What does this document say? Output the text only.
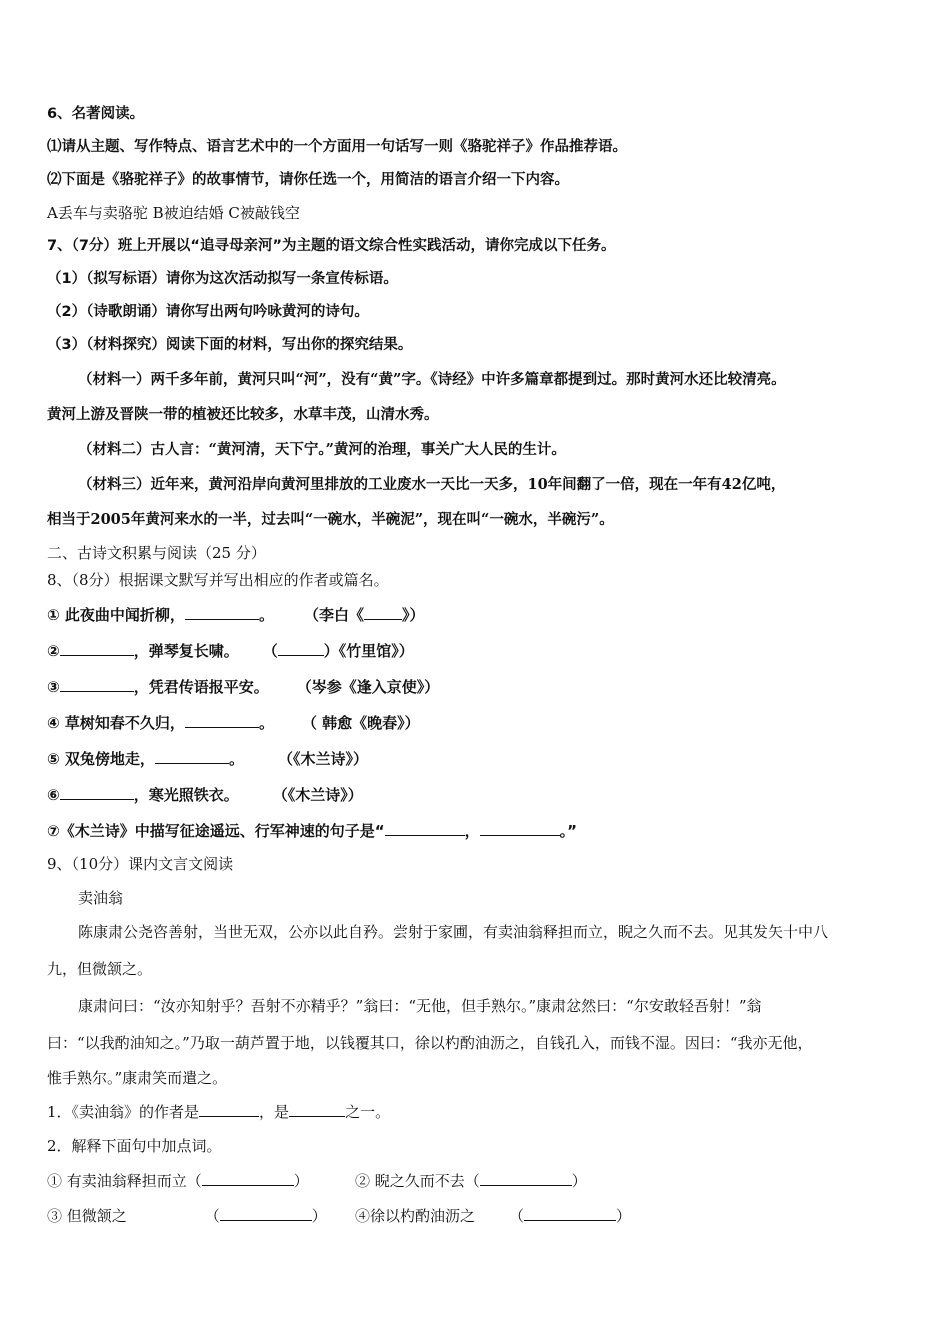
6、名著阅读。
⑴请从主题、写作特点、语言艺术中的一个方面用一句话写一则《骆驼祥子》作品推荐语。
⑵下面是《骆驼祥子》的故事情节，请你任选一个，用简洁的语言介绍一下内容。
A丢车与卖骆驼 B被迫结婚 C被敲钱空
7、（7分）班上开展以“追寻母亲河”为主题的语文综合性实践活动，请你完成以下任务。
（1）（拟写标语）请你为这次活动拟写一条宣传标语。
（2）（诗歌朗诵）请你写出两句吟咏黄河的诗句。
（3）（材料探究）阅读下面的材料，写出你的探究结果。
（材料一）两千多年前，黄河只叫“河”，没有“黄”字。《诗经》中许多篇章都提到过。那时黄河水还比较清亮。
黄河上游及晋陕一带的植被还比较多，水草丰茂，山清水秀。
（材料二）古人言：“黄河清，天下宁。”黄河的治理，事关广大人民的生计。
（材料三）近年来，黄河沿岸向黄河里排放的工业废水一天比一天多，10年间翻了一倍，现在一年有42亿吨，
相当于2005年黄河来水的一半，过去叫“一碗水，半碗泥”，现在叫“一碗水，半碗污”。
二、古诗文积累与阅读（25 分）
8、（8分）根据课文默写并写出相应的作者或篇名。
① 此夜曲中闻折柳，	。 （李白《	》）
②	，弹琴复长啸。 （	）《竹里馆》）
③	，凭君传语报平安。 （岑参《逢入京使》）
④ 草树知春不久归，	。 （ 韩愈《晚春》）
⑤ 双兔傍地走，	。 （《木兰诗》）
⑥	，寒光照铁衣。 （《木兰诗》）
⑦《木兰诗》中描写征途遥远、行军神速的句子是“	，	。”
9、（10分）课内文言文阅读
卖油翁
陈康肃公尧咨善射，当世无双，公亦以此自矜。尝射于家圃，有卖油翁释担而立，睨之久而不去。见其发矢十中八
九，但微颔之。
康肃问曰：“汝亦知射乎？吾射不亦精乎？”翁曰：“无他，但手熟尔。”康肃忿然曰：“尔安敢轻吾射！”翁
曰：“以我酌油知之。”乃取一葫芦置于地，以钱覆其口，徐以杓酌油沥之，自钱孔入，而钱不湿。因曰：“我亦无他，
惟手熟尔。”康肃笑而遣之。
1．《卖油翁》的作者是	，是	之一。
2．解释下面句中加点词。
① 有卖油翁释担而立（	）	② 睨之久而不去（	）
③ 但微颔之	（	） ④徐以杓酌油沥之 （	）
